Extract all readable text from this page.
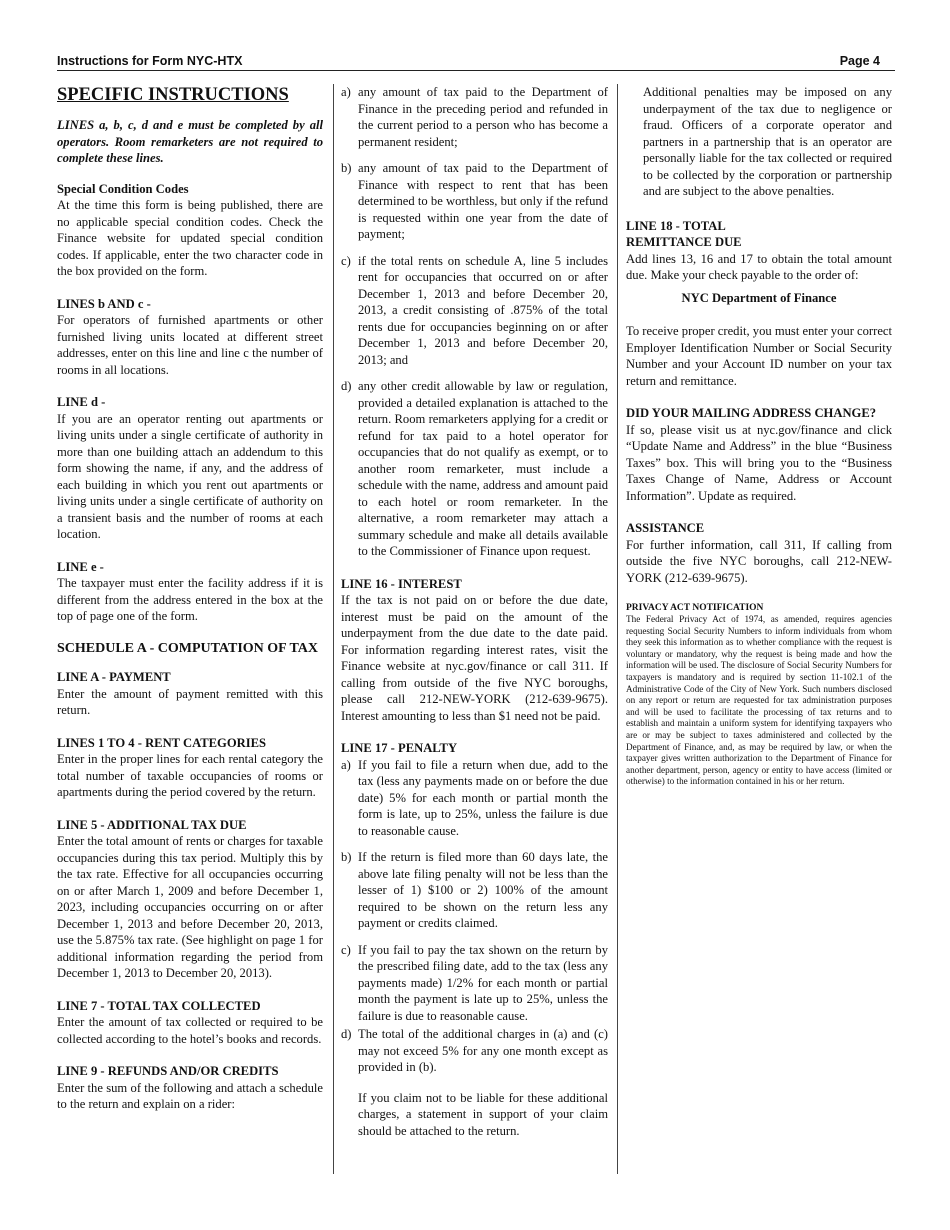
Instructions for Form NYC-HTX	Page 4
SPECIFIC INSTRUCTIONS

LINES a, b, c, d and e must be completed by all operators. Room remarketers are not required to complete these lines.

Special Condition Codes

At the time this form is being published, there are no applicable special condition codes. Check the Finance website for updated special condition codes. If applicable, enter the two character code in the box provided on the form.

LINES b AND c -

For operators of furnished apartments or other furnished living units located at different street addresses, enter on this line and line c the number of rooms in all locations.

LINE d -

If you are an operator renting out apartments or living units under a single certificate of authority in more than one building attach an addendum to this form showing the name, if any, and the address of each building in which you rent out apartments or living units under a single certificate of authority on a transient basis and the number of rooms at each location.

LINE e -

The taxpayer must enter the facility address if it is different from the address entered in the box at the top of page one of the form.

SCHEDULE A - COMPUTATION OF TAX
LINE A - PAYMENT

Enter the amount of payment remitted with this return.

LINES 1 TO 4 - RENT CATEGORIES

Enter in the proper lines for each rental category the total number of taxable occupancies of rooms or apartments during the period covered by the return.

LINE 5 - ADDITIONAL TAX DUE

Enter the total amount of rents or charges for taxable occupancies during this tax period. Multiply this by the tax rate. Effective for all occupancies occurring on or after March 1, 2009 and before December 1, 2023, including occupancies occurring on or after December 1, 2013 and before December 20, 2013, use the 5.875% tax rate. (See highlight on page 1 for additional information regarding the period from December 1, 2013 to December 20, 2013).

LINE 7 - TOTAL TAX COLLECTED

Enter the amount of tax collected or required to be collected according to the hotel’s books and records.

LINE 9 - REFUNDS AND/OR CREDITS

Enter the sum of the following and attach a schedule to the return and explain on a rider:

a) any amount of tax paid to the Department of Finance in the preceding period and refunded in the current period to a person who has become a permanent resident;
b) any amount of tax paid to the Department of Finance with respect to rent that has been determined to be worthless, but only if the refund is requested within one year from the date of payment;
c) if the total rents on schedule A, line 5 includes rent for occupancies that occurred on or after December 1, 2013 and before December 20, 2013, a credit consisting of .875% of the total rents due for occupancies beginning on or after December 1, 2013 and before December 20, 2013; and
d) any other credit allowable by law or regulation, provided a detailed explanation is attached to the return. Room remarketers applying for a credit or refund for tax paid to a hotel operator for occupancies that do not qualify as exempt, or to another room remarketer, must include a schedule with the name, address and amount paid to each hotel or room remarketer. In the alternative, a room remarketer may attach a summary schedule and make all details available to the Commissioner of Finance upon request.
LINE 16 - INTEREST

If the tax is not paid on or before the due date, interest must be paid on the amount of the underpayment from the due date to the date paid. For information regarding interest rates, visit the Finance website at nyc.gov/finance or call 311. If calling from outside of the five NYC boroughs, please call 212-NEW-YORK (212-639-9675). Interest amounting to less than $1 need not be paid.

LINE 17 - PENALTY
a) If you fail to file a return when due, add to the tax (less any payments made on or before the due date) 5% for each month or partial month the form is late, up to 25%, unless the failure is due to reasonable cause.
b) If the return is filed more than 60 days late, the above late filing penalty will not be less than the lesser of 1) $100 or 2) 100% of the amount required to be shown on the return less any payment or credits claimed.
c) If you fail to pay the tax shown on the return by the prescribed filing date, add to the tax (less any payments made) 1/2% for each month or partial month the payment is late up to 25%, unless the failure is due to reasonable cause.
d) The total of the additional charges in (a) and (c) may not exceed 5% for any one month except as provided in (b).

If you claim not to be liable for these additional charges, a statement in support of your claim should be attached to the return.

Additional penalties may be imposed on any underpayment of the tax due to negligence or fraud. Officers of a corporate operator and partners in a partnership that is an operator are personally liable for the tax collected or required to be collected by the corporation or partnership and are subject to the above penalties.

LINE 18 - TOTAL
REMITTANCE DUE

Add lines 13, 16 and 17 to obtain the total amount due. Make your check payable to the order of:

NYC Department of Finance

To receive proper credit, you must enter your correct Employer Identification Number or Social Security Number and your Account ID number on your tax return and remittance.

DID YOUR MAILING ADDRESS CHANGE?

If so, please visit us at nyc.gov/finance and click “Update Name and Address” in the blue “Business Taxes” box. This will bring you to the “Business Taxes Change of Name, Address or Account Information”. Update as required.

ASSISTANCE

For further information, call 311, If calling from outside the five NYC boroughs, call 212-NEW-YORK (212-639-9675).

PRIVACY ACT NOTIFICATION

The Federal Privacy Act of 1974, as amended, requires agencies requesting Social Security Numbers to inform individuals from whom they seek this information as to whether compliance with the request is voluntary or mandatory, why the request is being made and how the information will be used. The disclosure of Social Security Numbers for taxpayers is mandatory and is required by section 11-102.1 of the Administrative Code of the City of New York. Such numbers disclosed on any report or return are requested for tax administration purposes and will be used to facilitate the processing of tax returns and to establish and maintain a uniform system for identifying taxpayers who are or may be subject to taxes administered and collected by the Department of Finance, and, as may be required by law, or when the taxpayer gives written authorization to the Department of Finance for another department, person, agency or entity to have access (limited or otherwise) to the information contained in his or her return.
